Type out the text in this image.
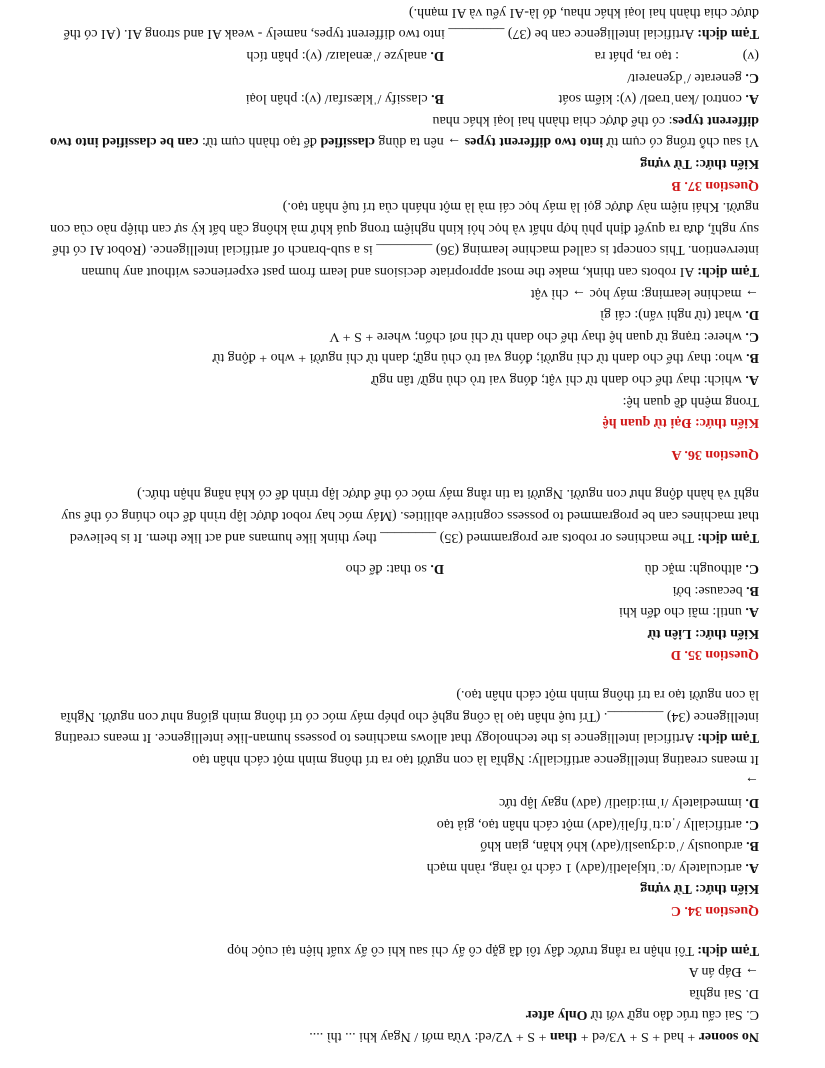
No sooner + had + S + V3/ed + than + S + V2/ed: Vừa mới / Ngay khi ... thì ....

C. Sai cấu trúc đảo ngữ với từ Only after

D. Sai nghĩa

→ Đáp án A

Tạm dịch: Tôi nhận ra rằng trước đây tôi đã gặp cô ấy chỉ sau khi cô ấy xuất hiện tại cuộc họp

Question 34. C

Kiến thức: Từ vựng

A. articulately /ɑːˈtɪkjələtli/(adv) 1 cách rõ ràng, rành mạch

B. arduously /ˈɑːdʒuəsli/(adv) khó khăn, gian khổ

C. artificially /ˌɑːtɪˈfɪʃəli/(adv) một cách nhân tạo, giả tạo

D. immediately /ɪˈmiːdiətli/ (adv) ngay lập tức

→

It means creating intelligence artificially: Nghĩa là con người tạo ra trí thông minh một cách nhân tạo

Tạm dịch: Artificial intelligence is the technology that allows machines to possess human-like intelligence. It means creating intelligence (34) ________. (Trí tuệ nhân tạo là công nghệ cho phép máy móc có trí thông minh giống như con người. Nghĩa là con người tạo ra trí thông minh một cách nhân tạo.)

Question 35. D

Kiến thức: Liên từ

A. until: mãi cho đến khi

B. because: bởi

C. although: mặc dù
D. so that: để cho

Tạm dịch: The machines or robots are programmed (35) ________ they think like humans and act like them. It is believed that machines can be programmed to possess cognitive abilities. (Máy móc hay robot được lập trình để cho chúng có thể suy nghĩ và hành động như con người. Người ta tin rằng máy móc có thể được lập trình để có khả năng nhận thức.)

Question 36. A

Kiến thức: Đại từ quan hệ

Trong mệnh đề quan hệ:

A. which: thay thế cho danh từ chỉ vật; đóng vai trò chủ ngữ/ tân ngữ

B. who: thay thế cho danh từ chỉ người; đóng vai trò chủ ngữ; danh từ chỉ người + who + động từ

C. where: trạng từ quan hệ thay thế cho danh từ chỉ nơi chốn; where + S + V

D. what (từ nghi vấn): cái gì

→ machine learning: máy học → chỉ vật

Tạm dịch: AI robots can think, make the most appropriate decisions and learn from past experiences without any human intervention. This concept is called machine learning (36) ________ is a sub-branch of artificial intelligence. (Robot AI có thể suy nghĩ, đưa ra quyết định phù hợp nhất và học hỏi kinh nghiệm trong quá khứ mà không cần bất kỳ sự can thiệp nào của con người. Khái niệm này được gọi là máy học cái mà là một nhánh của trí tuệ nhân tạo.)

Question 37. B

Kiến thức: Từ vựng

Vì sau chỗ trống có cụm từ into two different types → nên ta dùng classified để tạo thành cụm từ: can be classified into two different types: có thể được chia thành hai loại khác nhau

A. control /kənˈtrəʊl/ (v): kiểm soát
B. classify /ˈklæsɪfaɪ/ (v): phân loại

C. generate /ˈdʒenəreɪt/

(v): tạo ra, phát ra
D. analyze /ˈænəlaɪz/ (v): phân tích

Tạm dịch: Artificial intelligence can be (37) ________ into two different types, namely - weak AI and strong AI. (AI có thể được chia thành hai loại khác nhau, đó là-AI yếu và AI mạnh.)
